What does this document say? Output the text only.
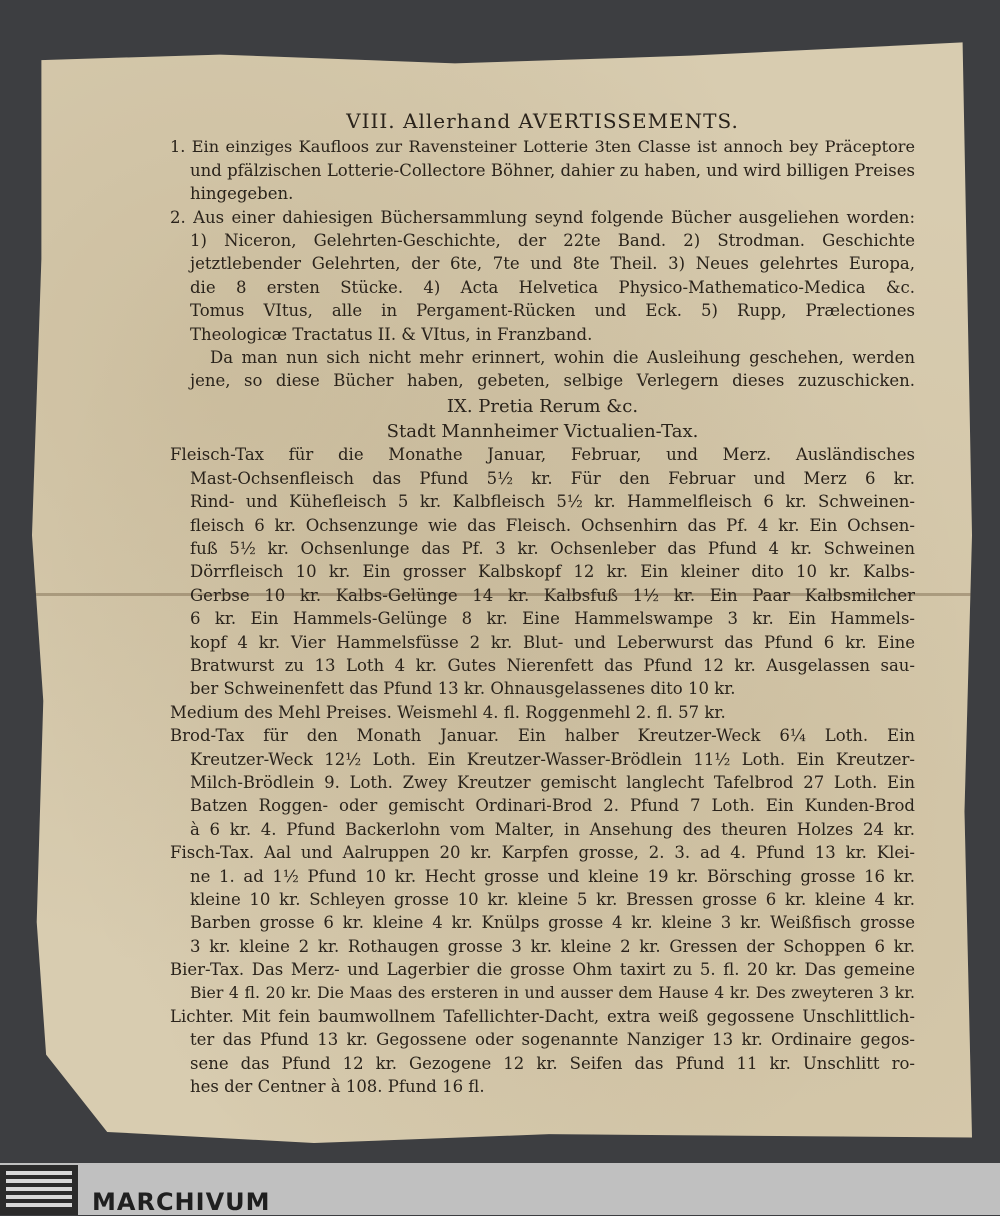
VIII. Allerhand AVERTISSEMENTS.
1. Ein einziges Kaufloos zur Ravensteiner Lotterie 3ten Classe ist annoch bey Präceptore
und pfälzischen Lotterie-Collectore Böhner, dahier zu haben, und wird billigen Preises
hingegeben.
2. Aus einer dahiesigen Büchersammlung seynd folgende Bücher ausgeliehen worden:
1) Niceron, Gelehrten-Geschichte, der 22te Band. 2) Strodman. Geschichte
jetztlebender Gelehrten, der 6te, 7te und 8te Theil. 3) Neues gelehrtes Europa,
die 8 ersten Stücke. 4) Acta Helvetica Physico-Mathematico-Medica &c.
Tomus VItus, alle in Pergament-Rücken und Eck. 5) Rupp, Prælectiones
Theologicæ Tractatus II. & VItus, in Franzband.
Da man nun sich nicht mehr erinnert, wohin die Ausleihung geschehen, werden
jene, so diese Bücher haben, gebeten, selbige Verlegern dieses zuzuschicken.
IX. Pretia Rerum &c.
Stadt Mannheimer Victualien-Tax.
Fleisch-Tax für die Monathe Januar, Februar, und Merz. Ausländisches
Mast-Ochsenfleisch das Pfund 5½ kr. Für den Februar und Merz 6 kr.
Rind- und Kühefleisch 5 kr. Kalbfleisch 5½ kr. Hammelfleisch 6 kr. Schweinen-
fleisch 6 kr. Ochsenzunge wie das Fleisch. Ochsenhirn das Pf. 4 kr. Ein Ochsen-
fuß 5½ kr. Ochsenlunge das Pf. 3 kr. Ochsenleber das Pfund 4 kr. Schweinen
Dörrfleisch 10 kr. Ein grosser Kalbskopf 12 kr. Ein kleiner dito 10 kr. Kalbs-
Gerbse 10 kr. Kalbs-Gelünge 14 kr. Kalbsfuß 1½ kr. Ein Paar Kalbsmilcher
6 kr. Ein Hammels-Gelünge 8 kr. Eine Hammelswampe 3 kr. Ein Hammels-
kopf 4 kr. Vier Hammelsfüsse 2 kr. Blut- und Leberwurst das Pfund 6 kr. Eine
Bratwurst zu 13 Loth 4 kr. Gutes Nierenfett das Pfund 12 kr. Ausgelassen sau-
ber Schweinenfett das Pfund 13 kr. Ohnausgelassenes dito 10 kr.
Medium des Mehl Preises. Weismehl 4. fl. Roggenmehl 2. fl. 57 kr.
Brod-Tax für den Monath Januar. Ein halber Kreutzer-Weck 6¼ Loth. Ein
Kreutzer-Weck 12½ Loth. Ein Kreutzer-Wasser-Brödlein 11½ Loth. Ein Kreutzer-
Milch-Brödlein 9. Loth. Zwey Kreutzer gemischt langlecht Tafelbrod 27 Loth. Ein
Batzen Roggen- oder gemischt Ordinari-Brod 2. Pfund 7 Loth. Ein Kunden-Brod
à 6 kr. 4. Pfund Backerlohn vom Malter, in Ansehung des theuren Holzes 24 kr.
Fisch-Tax. Aal und Aalruppen 20 kr. Karpfen grosse, 2. 3. ad 4. Pfund 13 kr. Klei-
ne 1. ad 1½ Pfund 10 kr. Hecht grosse und kleine 19 kr. Börsching grosse 16 kr.
kleine 10 kr. Schleyen grosse 10 kr. kleine 5 kr. Bressen grosse 6 kr. kleine 4 kr.
Barben grosse 6 kr. kleine 4 kr. Knülps grosse 4 kr. kleine 3 kr. Weißfisch grosse
3 kr. kleine 2 kr. Rothaugen grosse 3 kr. kleine 2 kr. Gressen der Schoppen 6 kr.
Bier-Tax. Das Merz- und Lagerbier die grosse Ohm taxirt zu 5. fl. 20 kr. Das gemeine
Bier 4 fl. 20 kr. Die Maas des ersteren in und ausser dem Hause 4 kr. Des zweyteren 3 kr.
Lichter. Mit fein baumwollnem Tafellichter-Dacht, extra weiß gegossene Unschlittlich-
ter das Pfund 13 kr. Gegossene oder sogenannte Nanziger 13 kr. Ordinaire gegos-
sene das Pfund 12 kr. Gezogene 12 kr. Seifen das Pfund 11 kr. Unschlitt ro-
hes der Centner à 108. Pfund 16 fl.
MARCHIVUM
